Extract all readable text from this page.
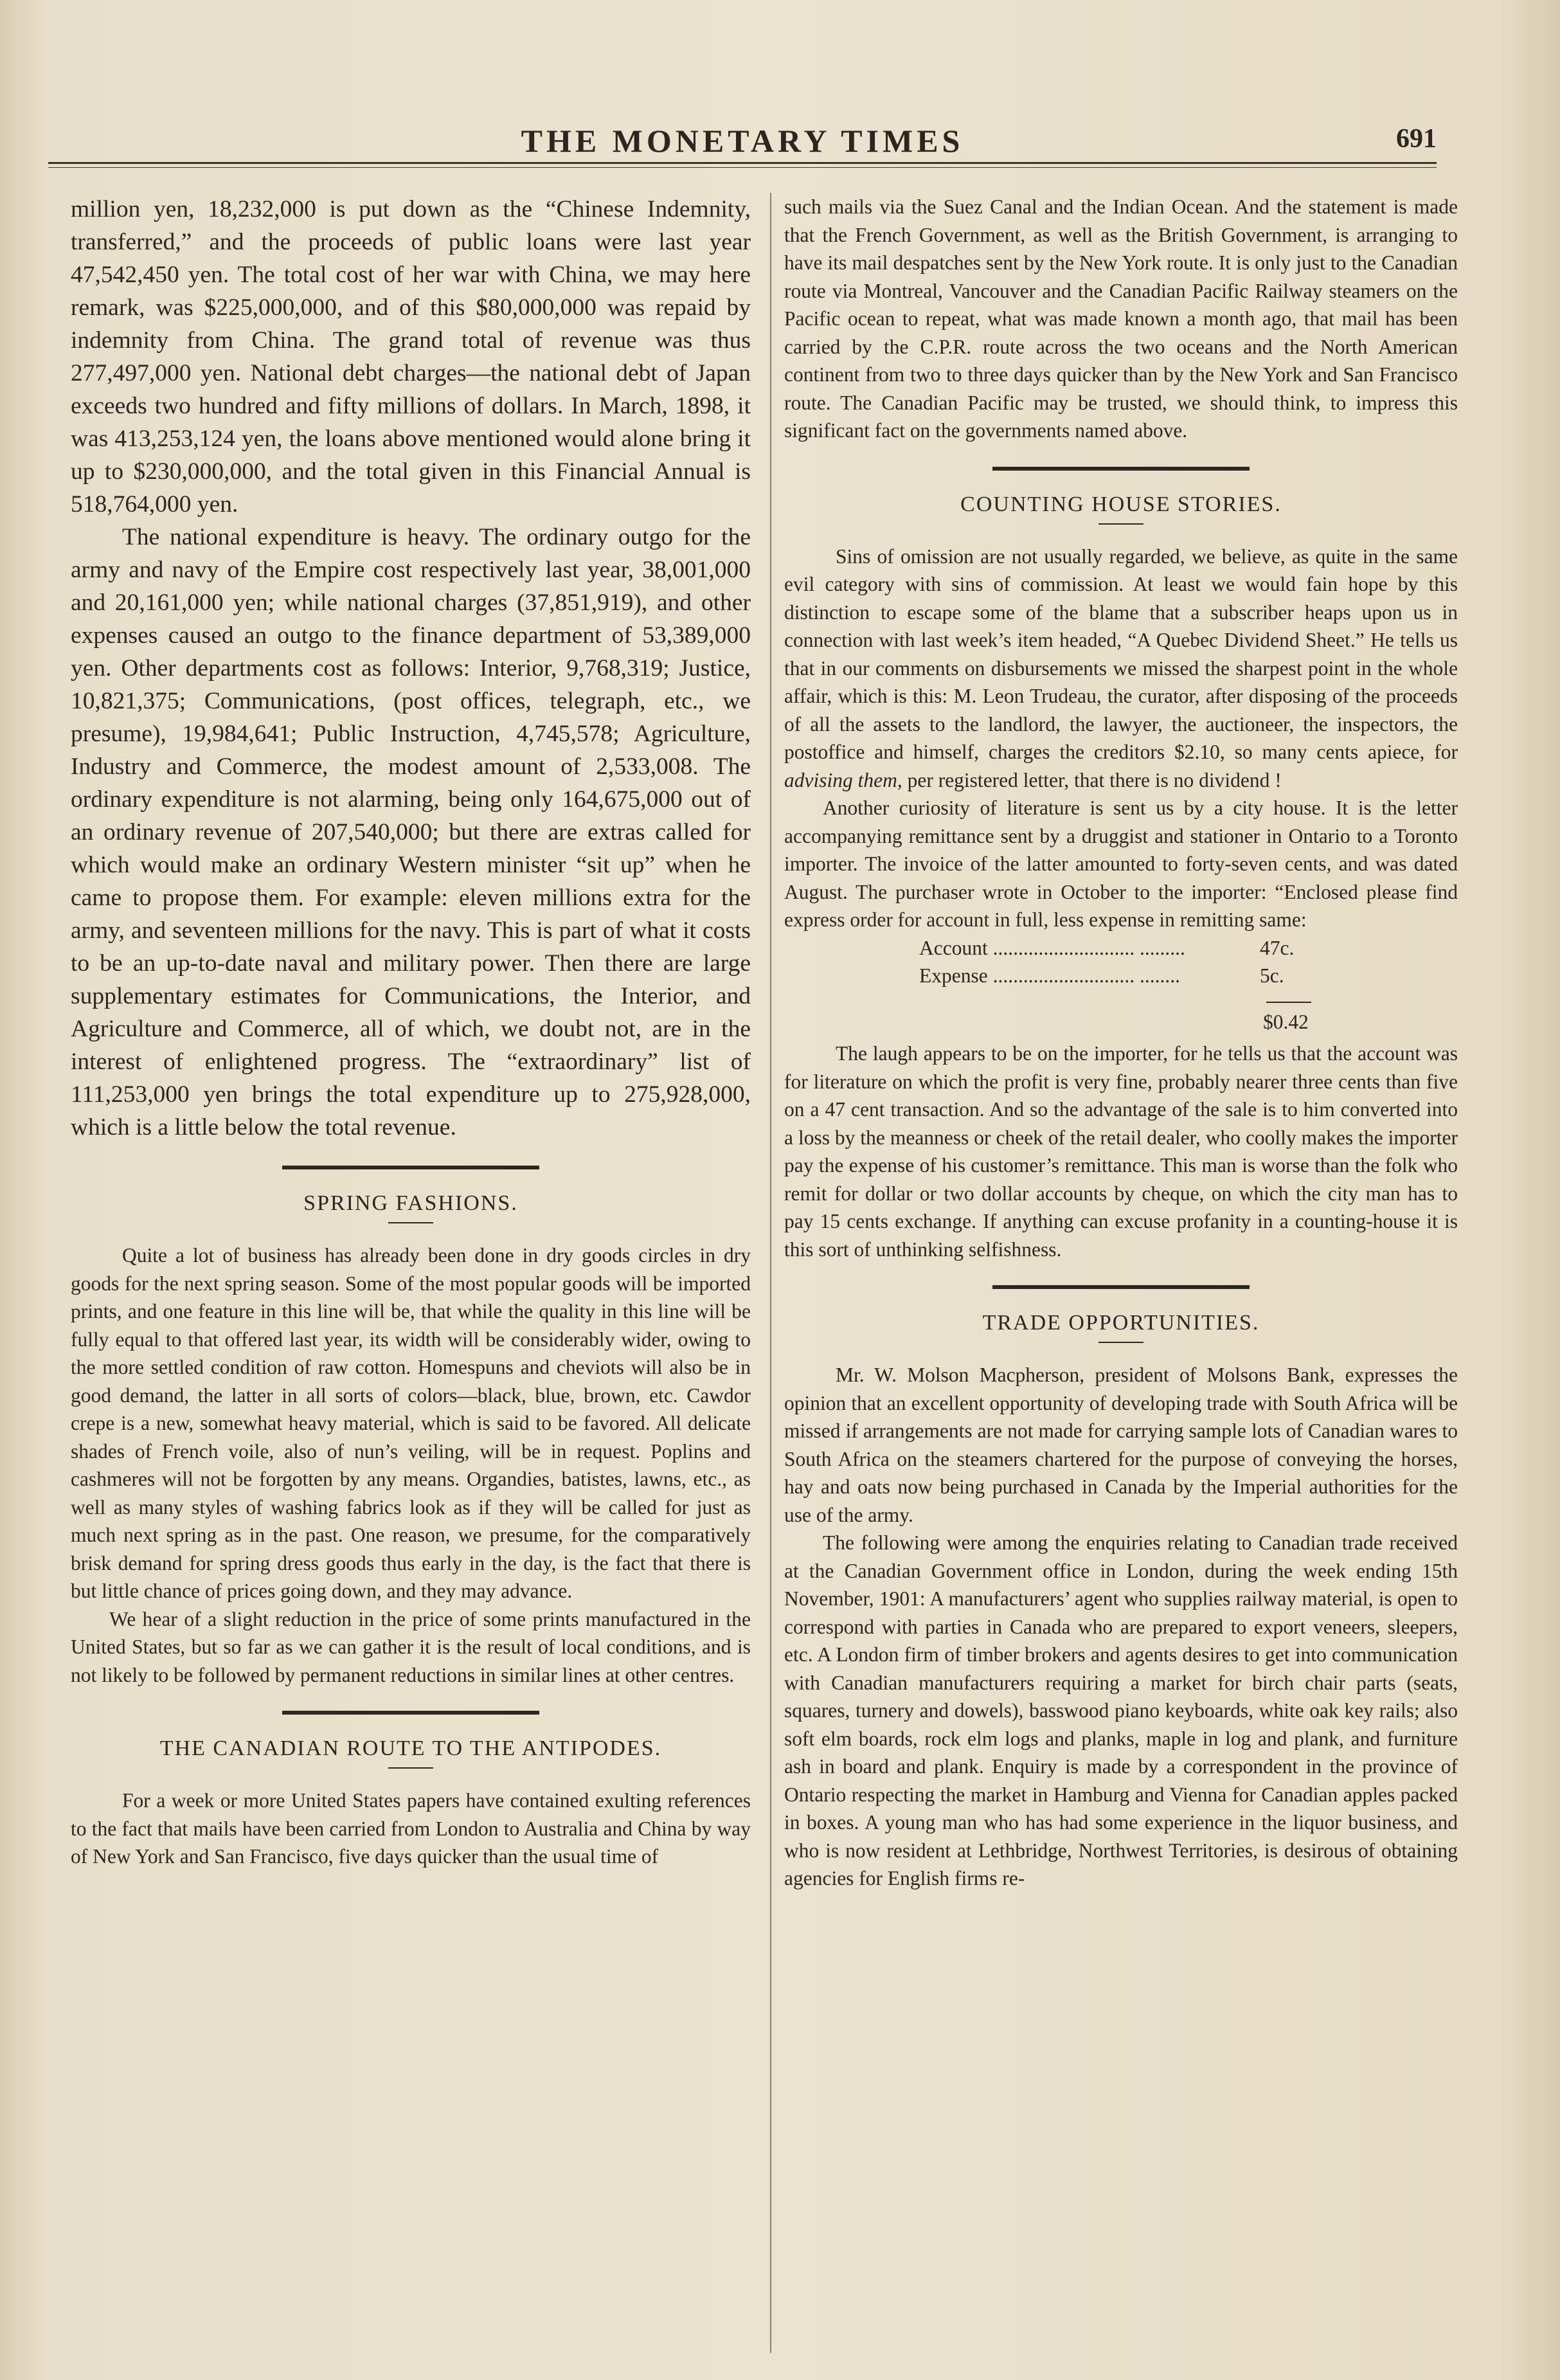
THE MONETARY TIMES	691

million yen, 18,232,000 is put down as the “Chinese Indemnity, transferred,” and the proceeds of public loans were last year 47,542,450 yen. The total cost of her war with China, we may here remark, was $225,000,000, and of this $80,000,000 was repaid by indemnity from China. The grand total of revenue was thus 277,497,000 yen. National debt charges—the national debt of Japan exceeds two hundred and fifty millions of dollars. In March, 1898, it was 413,253,124 yen, the loans above mentioned would alone bring it up to $230,000,000, and the total given in this Financial Annual is 518,764,000 yen.

The national expenditure is heavy. The ordinary outgo for the army and navy of the Empire cost respectively last year, 38,001,000 and 20,161,000 yen; while national charges (37,851,919), and other expenses caused an outgo to the finance department of 53,389,000 yen. Other departments cost as follows: Interior, 9,768,319; Justice, 10,821,375; Communications, (post offices, telegraph, etc., we presume), 19,984,641; Public Instruction, 4,745,578; Agriculture, Industry and Commerce, the modest amount of 2,533,008. The ordinary expenditure is not alarming, being only 164,675,000 out of an ordinary revenue of 207,540,000; but there are extras called for which would make an ordinary Western minister “sit up” when he came to propose them. For example: eleven millions extra for the army, and seventeen millions for the navy. This is part of what it costs to be an up-to-date naval and military power. Then there are large supplementary estimates for Communications, the Interior, and Agriculture and Commerce, all of which, we doubt not, are in the interest of enlightened progress. The “extraordinary” list of 111,253,000 yen brings the total expenditure up to 275,928,000, which is a little below the total revenue.

SPRING FASHIONS.

Quite a lot of business has already been done in dry goods circles in dry goods for the next spring season. Some of the most popular goods will be imported prints, and one feature in this line will be, that while the quality in this line will be fully equal to that offered last year, its width will be considerably wider, owing to the more settled condition of raw cotton. Homespuns and cheviots will also be in good demand, the latter in all sorts of colors—black, blue, brown, etc. Cawdor crepe is a new, somewhat heavy material, which is said to be favored. All delicate shades of French voile, also of nun’s veiling, will be in request. Poplins and cashmeres will not be forgotten by any means. Organdies, batistes, lawns, etc., as well as many styles of washing fabrics look as if they will be called for just as much next spring as in the past. One reason, we presume, for the comparatively brisk demand for spring dress goods thus early in the day, is the fact that there is but little chance of prices going down, and they may advance.

We hear of a slight reduction in the price of some prints manufactured in the United States, but so far as we can gather it is the result of local conditions, and is not likely to be followed by permanent reductions in similar lines at other centres.

THE CANADIAN ROUTE TO THE ANTIPODES.

For a week or more United States papers have contained exulting references to the fact that mails have been carried from London to Australia and China by way of New York and San Francisco, five days quicker than the usual time of

such mails via the Suez Canal and the Indian Ocean. And the statement is made that the French Government, as well as the British Government, is arranging to have its mail despatches sent by the New York route. It is only just to the Canadian route via Montreal, Vancouver and the Canadian Pacific Railway steamers on the Pacific ocean to repeat, what was made known a month ago, that mail has been carried by the C.P.R. route across the two oceans and the North American continent from two to three days quicker than by the New York and San Francisco route. The Canadian Pacific may be trusted, we should think, to impress this significant fact on the governments named above.

COUNTING HOUSE STORIES.

Sins of omission are not usually regarded, we believe, as quite in the same evil category with sins of commission. At least we would fain hope by this distinction to escape some of the blame that a subscriber heaps upon us in connection with last week’s item headed, “A Quebec Dividend Sheet.” He tells us that in our comments on disbursements we missed the sharpest point in the whole affair, which is this: M. Leon Trudeau, the curator, after disposing of the proceeds of all the assets to the landlord, the lawyer, the auctioneer, the inspectors, the postoffice and himself, charges the creditors $2.10, so many cents apiece, for advising them, per registered letter, that there is no dividend !

Another curiosity of literature is sent us by a city house. It is the letter accompanying remittance sent by a druggist and stationer in Ontario to a Toronto importer. The invoice of the latter amounted to forty-seven cents, and was dated August. The purchaser wrote in October to the importer: “Enclosed please find express order for account in full, less expense in remitting same:

Account ............................ .........	47c.
Expense ............................ ........	5c.
$0.42

The laugh appears to be on the importer, for he tells us that the account was for literature on which the profit is very fine, probably nearer three cents than five on a 47 cent transaction. And so the advantage of the sale is to him converted into a loss by the meanness or cheek of the retail dealer, who coolly makes the importer pay the expense of his customer’s remittance. This man is worse than the folk who remit for dollar or two dollar accounts by cheque, on which the city man has to pay 15 cents exchange. If anything can excuse profanity in a counting-house it is this sort of unthinking selfishness.

TRADE OPPORTUNITIES.

Mr. W. Molson Macpherson, president of Molsons Bank, expresses the opinion that an excellent opportunity of developing trade with South Africa will be missed if arrangements are not made for carrying sample lots of Canadian wares to South Africa on the steamers chartered for the purpose of conveying the horses, hay and oats now being purchased in Canada by the Imperial authorities for the use of the army.

The following were among the enquiries relating to Canadian trade received at the Canadian Government office in London, during the week ending 15th November, 1901: A manufacturers’ agent who supplies railway material, is open to correspond with parties in Canada who are prepared to export veneers, sleepers, etc. A London firm of timber brokers and agents desires to get into communication with Canadian manufacturers requiring a market for birch chair parts (seats, squares, turnery and dowels), basswood piano keyboards, white oak key rails; also soft elm boards, rock elm logs and planks, maple in log and plank, and furniture ash in board and plank. Enquiry is made by a correspondent in the province of Ontario respecting the market in Hamburg and Vienna for Canadian apples packed in boxes. A young man who has had some experience in the liquor business, and who is now resident at Lethbridge, Northwest Territories, is desirous of obtaining agencies for English firms re-
